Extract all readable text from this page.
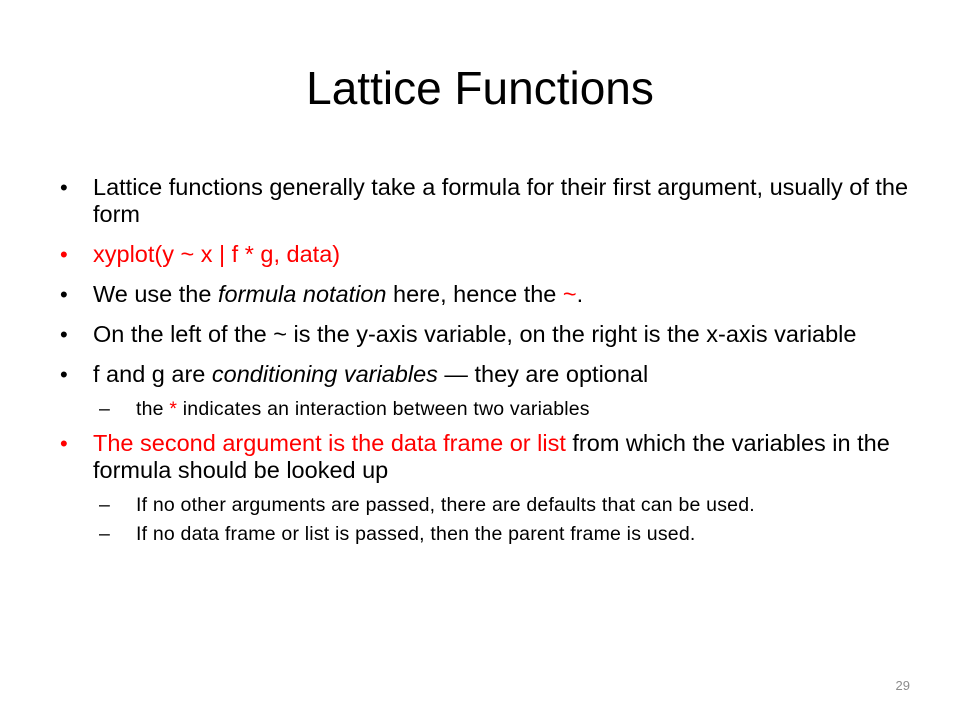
Lattice Functions
• Lattice functions generally take a formula for their first argument, usually of the form
• xyplot(y ~ x | f * g, data)
• We use the formula notation here, hence the ~.
• On the left of the ~ is the y-axis variable, on the right is the x-axis variable
• f and g are conditioning variables — they are optional
– the * indicates an interaction between two variables
• The second argument is the data frame or list from which the variables in the formula should be looked up
– If no other arguments are passed, there are defaults that can be used.
– If no data frame or list is passed, then the parent frame is used.
29
